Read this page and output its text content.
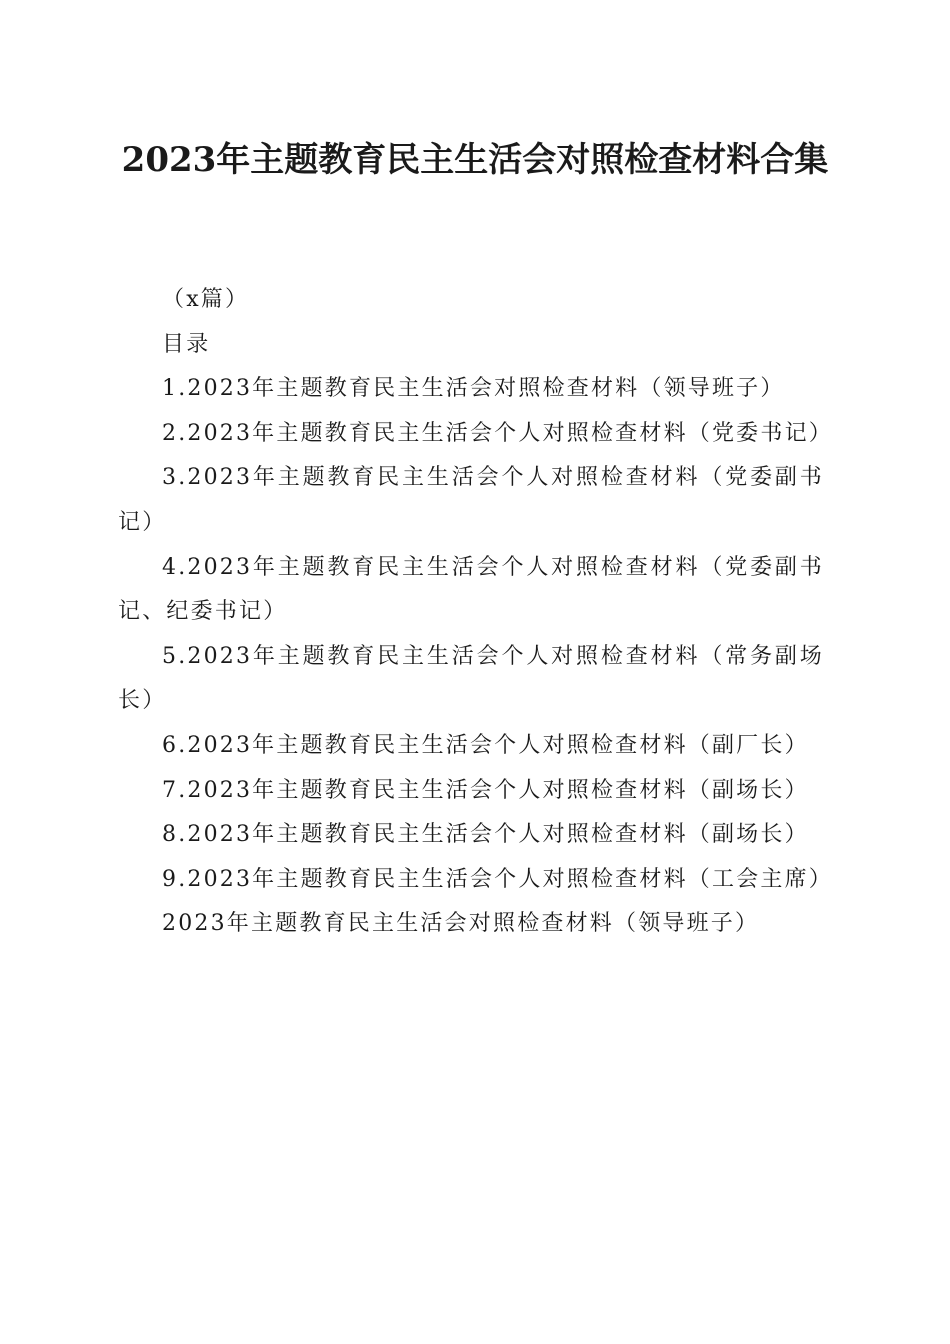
2023年主题教育民主生活会对照检查材料合集

（x篇）

目录

1.2023年主题教育民主生活会对照检查材料（领导班子）

2.2023年主题教育民主生活会个人对照检查材料（党委书记）

3.2023年主题教育民主生活会个人对照检查材料（党委副书记）

4.2023年主题教育民主生活会个人对照检查材料（党委副书记、纪委书记）

5.2023年主题教育民主生活会个人对照检查材料（常务副场长）

6.2023年主题教育民主生活会个人对照检查材料（副厂长）

7.2023年主题教育民主生活会个人对照检查材料（副场长）

8.2023年主题教育民主生活会个人对照检查材料（副场长）

9.2023年主题教育民主生活会个人对照检查材料（工会主席）

2023年主题教育民主生活会对照检查材料（领导班子）
